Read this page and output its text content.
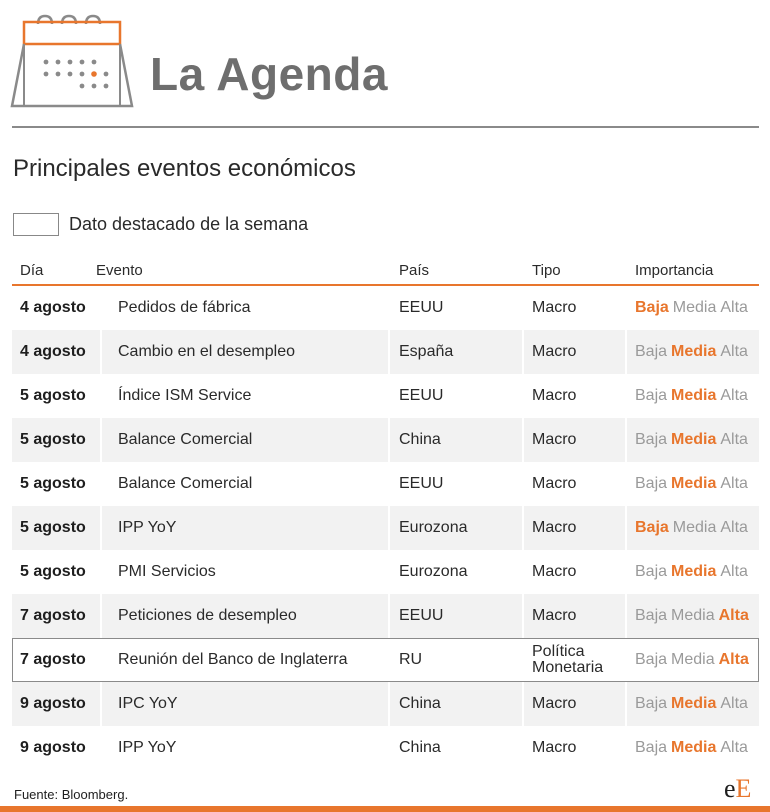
La Agenda
Principales eventos económicos
Dato destacado de la semana
Día	Evento	País	Tipo	Importancia
4 agosto Pedidos de fábrica	EEUU	Macro	Baja Media Alta
4 agosto Cambio en el desempleo	España	Macro	Baja Media Alta
5 agosto Índice ISM Service	EEUU	Macro	Baja Media Alta
5 agosto Balance Comercial	China	Macro	Baja Media Alta
5 agosto Balance Comercial	EEUU	Macro	Baja Media Alta
5 agosto IPP YoY	Eurozona	Macro	Baja Media Alta
5 agosto PMI Servicios	Eurozona	Macro	Baja Media Alta
7 agosto Peticiones de desempleo	EEUU	Macro	Baja Media Alta
7 agosto Reunión del Banco de Inglaterra	RU	Política Monetaria	Baja Media Alta
9 agosto IPC YoY	China	Macro	Baja Media Alta
9 agosto IPP YoY	China	Macro	Baja Media Alta
Fuente: Bloomberg.	eE
